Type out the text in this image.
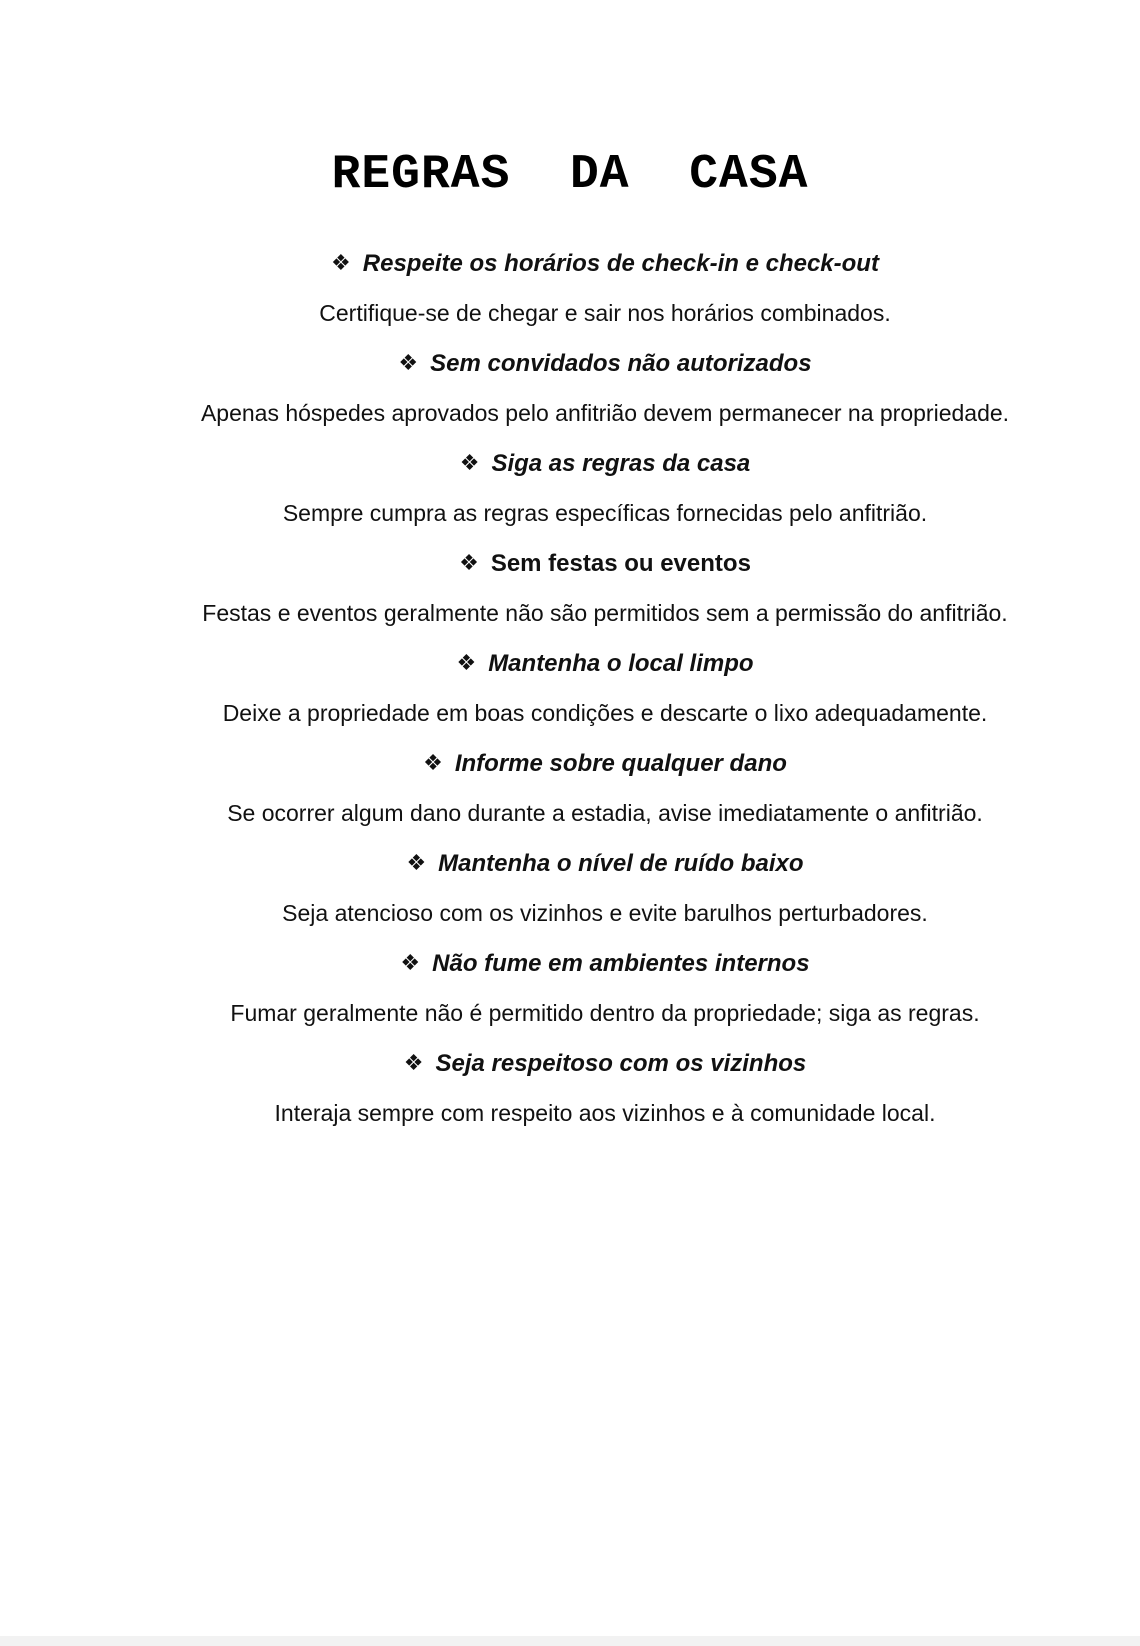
REGRAS  DA  CASA
❖ Respeite os horários de check-in e check-out
Certifique-se de chegar e sair nos horários combinados.
❖ Sem convidados não autorizados
Apenas hóspedes aprovados pelo anfitrião devem permanecer na propriedade.
❖ Siga as regras da casa
Sempre cumpra as regras específicas fornecidas pelo anfitrião.
❖ Sem festas ou eventos
Festas e eventos geralmente não são permitidos sem a permissão do anfitrião.
❖ Mantenha o local limpo
Deixe a propriedade em boas condições e descarte o lixo adequadamente.
❖ Informe sobre qualquer dano
Se ocorrer algum dano durante a estadia, avise imediatamente o anfitrião.
❖ Mantenha o nível de ruído baixo
Seja atencioso com os vizinhos e evite barulhos perturbadores.
❖ Não fume em ambientes internos
Fumar geralmente não é permitido dentro da propriedade; siga as regras.
❖ Seja respeitoso com os vizinhos
Interaja sempre com respeito aos vizinhos e à comunidade local.
